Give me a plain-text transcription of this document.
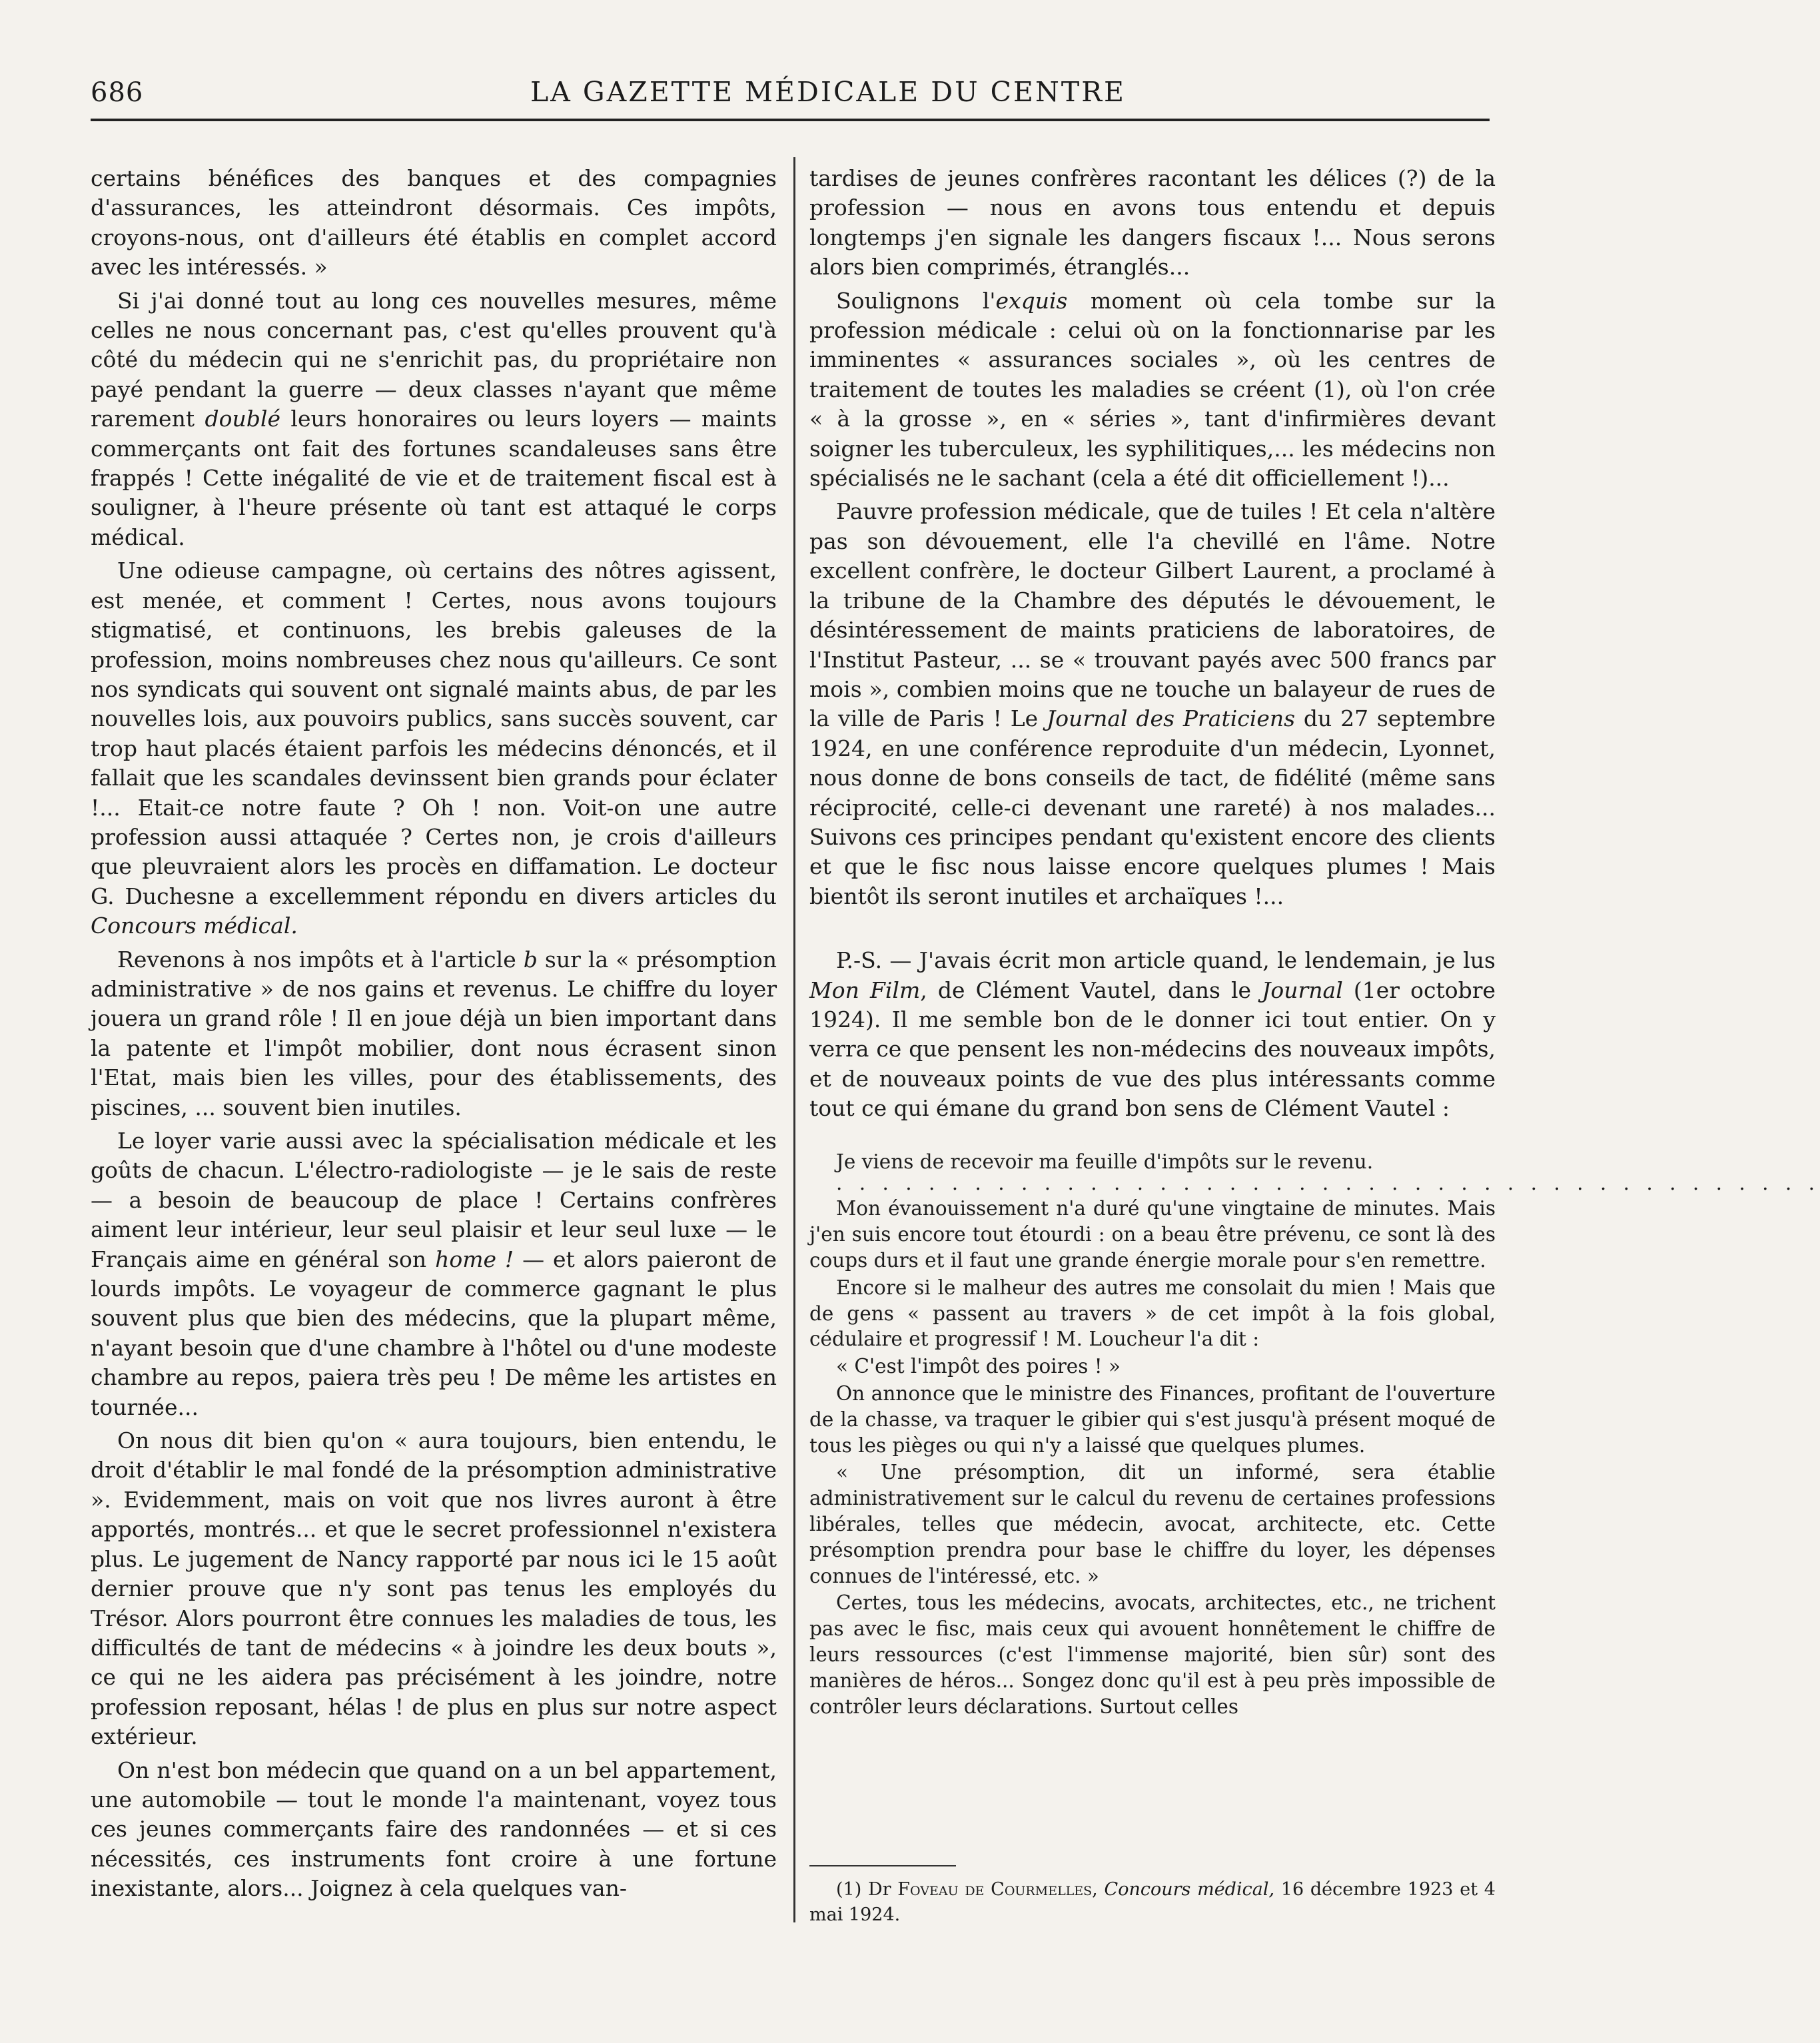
686	LA GAZETTE MÉDICALE DU CENTRE

certains bénéfices des banques et des compagnies d'assurances, les atteindront désormais. Ces impôts, croyons-nous, ont d'ailleurs été établis en complet accord avec les intéressés. »

Si j'ai donné tout au long ces nouvelles mesures, même celles ne nous concernant pas, c'est qu'elles prouvent qu'à côté du médecin qui ne s'enrichit pas, du propriétaire non payé pendant la guerre — deux classes n'ayant que même rarement doublé leurs honoraires ou leurs loyers — maints commerçants ont fait des fortunes scandaleuses sans être frappés ! Cette inégalité de vie et de traitement fiscal est à souligner, à l'heure présente où tant est attaqué le corps médical.

Une odieuse campagne, où certains des nôtres agissent, est menée, et comment ! Certes, nous avons toujours stigmatisé, et continuons, les brebis galeuses de la profession, moins nombreuses chez nous qu'ailleurs. Ce sont nos syndicats qui souvent ont signalé maints abus, de par les nouvelles lois, aux pouvoirs publics, sans succès souvent, car trop haut placés étaient parfois les médecins dénoncés, et il fallait que les scandales devinssent bien grands pour éclater !... Etait-ce notre faute ? Oh ! non. Voit-on une autre profession aussi attaquée ? Certes non, je crois d'ailleurs que pleuvraient alors les procès en diffamation. Le docteur G. Duchesne a excellemment répondu en divers articles du Concours médical.

Revenons à nos impôts et à l'article b sur la « présomption administrative » de nos gains et revenus. Le chiffre du loyer jouera un grand rôle ! Il en joue déjà un bien important dans la patente et l'impôt mobilier, dont nous écrasent sinon l'Etat, mais bien les villes, pour des établissements, des piscines, ... souvent bien inutiles.

Le loyer varie aussi avec la spécialisation médicale et les goûts de chacun. L'électro-radiologiste — je le sais de reste — a besoin de beaucoup de place ! Certains confrères aiment leur intérieur, leur seul plaisir et leur seul luxe — le Français aime en général son home ! — et alors paieront de lourds impôts. Le voyageur de commerce gagnant le plus souvent plus que bien des médecins, que la plupart même, n'ayant besoin que d'une chambre à l'hôtel ou d'une modeste chambre au repos, paiera très peu ! De même les artistes en tournée...

On nous dit bien qu'on « aura toujours, bien entendu, le droit d'établir le mal fondé de la présomption administrative ». Evidemment, mais on voit que nos livres auront à être apportés, montrés... et que le secret professionnel n'existera plus. Le jugement de Nancy rapporté par nous ici le 15 août dernier prouve que n'y sont pas tenus les employés du Trésor. Alors pourront être connues les maladies de tous, les difficultés de tant de médecins « à joindre les deux bouts », ce qui ne les aidera pas précisément à les joindre, notre profession reposant, hélas ! de plus en plus sur notre aspect extérieur.

On n'est bon médecin que quand on a un bel appartement, une automobile — tout le monde l'a maintenant, voyez tous ces jeunes commerçants faire des randonnées — et si ces nécessités, ces instruments font croire à une fortune inexistante, alors... Joignez à cela quelques van-

tardises de jeunes confrères racontant les délices (?) de la profession — nous en avons tous entendu et depuis longtemps j'en signale les dangers fiscaux !... Nous serons alors bien comprimés, étranglés...

Soulignons l'exquis moment où cela tombe sur la profession médicale : celui où on la fonctionnarise par les imminentes « assurances sociales », où les centres de traitement de toutes les maladies se créent (1), où l'on crée « à la grosse », en « séries », tant d'infirmières devant soigner les tuberculeux, les syphilitiques,... les médecins non spécialisés ne le sachant (cela a été dit officiellement !)...

Pauvre profession médicale, que de tuiles ! Et cela n'altère pas son dévouement, elle l'a chevillé en l'âme. Notre excellent confrère, le docteur Gilbert Laurent, a proclamé à la tribune de la Chambre des députés le dévouement, le désintéressement de maints praticiens de laboratoires, de l'Institut Pasteur, ... se « trouvant payés avec 500 francs par mois », combien moins que ne touche un balayeur de rues de la ville de Paris ! Le Journal des Praticiens du 27 septembre 1924, en une conférence reproduite d'un médecin, Lyonnet, nous donne de bons conseils de tact, de fidélité (même sans réciprocité, celle-ci devenant une rareté) à nos malades... Suivons ces principes pendant qu'existent encore des clients et que le fisc nous laisse encore quelques plumes ! Mais bientôt ils seront inutiles et archaïques !...

P.-S. — J'avais écrit mon article quand, le lendemain, je lus Mon Film, de Clément Vautel, dans le Journal (1er octobre 1924). Il me semble bon de le donner ici tout entier. On y verra ce que pensent les non-médecins des nouveaux impôts, et de nouveaux points de vue des plus intéressants comme tout ce qui émane du grand bon sens de Clément Vautel :

Je viens de recevoir ma feuille d'impôts sur le revenu.

. . . . . . . . . . . . . . . . . . . . . . . . . . . . . . . . . . . . . . . . . . .

Mon évanouissement n'a duré qu'une vingtaine de minutes. Mais j'en suis encore tout étourdi : on a beau être prévenu, ce sont là des coups durs et il faut une grande énergie morale pour s'en remettre.

Encore si le malheur des autres me consolait du mien ! Mais que de gens « passent au travers » de cet impôt à la fois global, cédulaire et progressif ! M. Loucheur l'a dit :

« C'est l'impôt des poires ! »

On annonce que le ministre des Finances, profitant de l'ouverture de la chasse, va traquer le gibier qui s'est jusqu'à présent moqué de tous les pièges ou qui n'y a laissé que quelques plumes.

« Une présomption, dit un informé, sera établie administrativement sur le calcul du revenu de certaines professions libérales, telles que médecin, avocat, architecte, etc. Cette présomption prendra pour base le chiffre du loyer, les dépenses connues de l'intéressé, etc. »

Certes, tous les médecins, avocats, architectes, etc., ne trichent pas avec le fisc, mais ceux qui avouent honnêtement le chiffre de leurs ressources (c'est l'immense majorité, bien sûr) sont des manières de héros... Songez donc qu'il est à peu près impossible de contrôler leurs déclarations. Surtout celles

(1) Dr Foveau de Courmelles, Concours médical, 16 décembre 1923 et 4 mai 1924.
